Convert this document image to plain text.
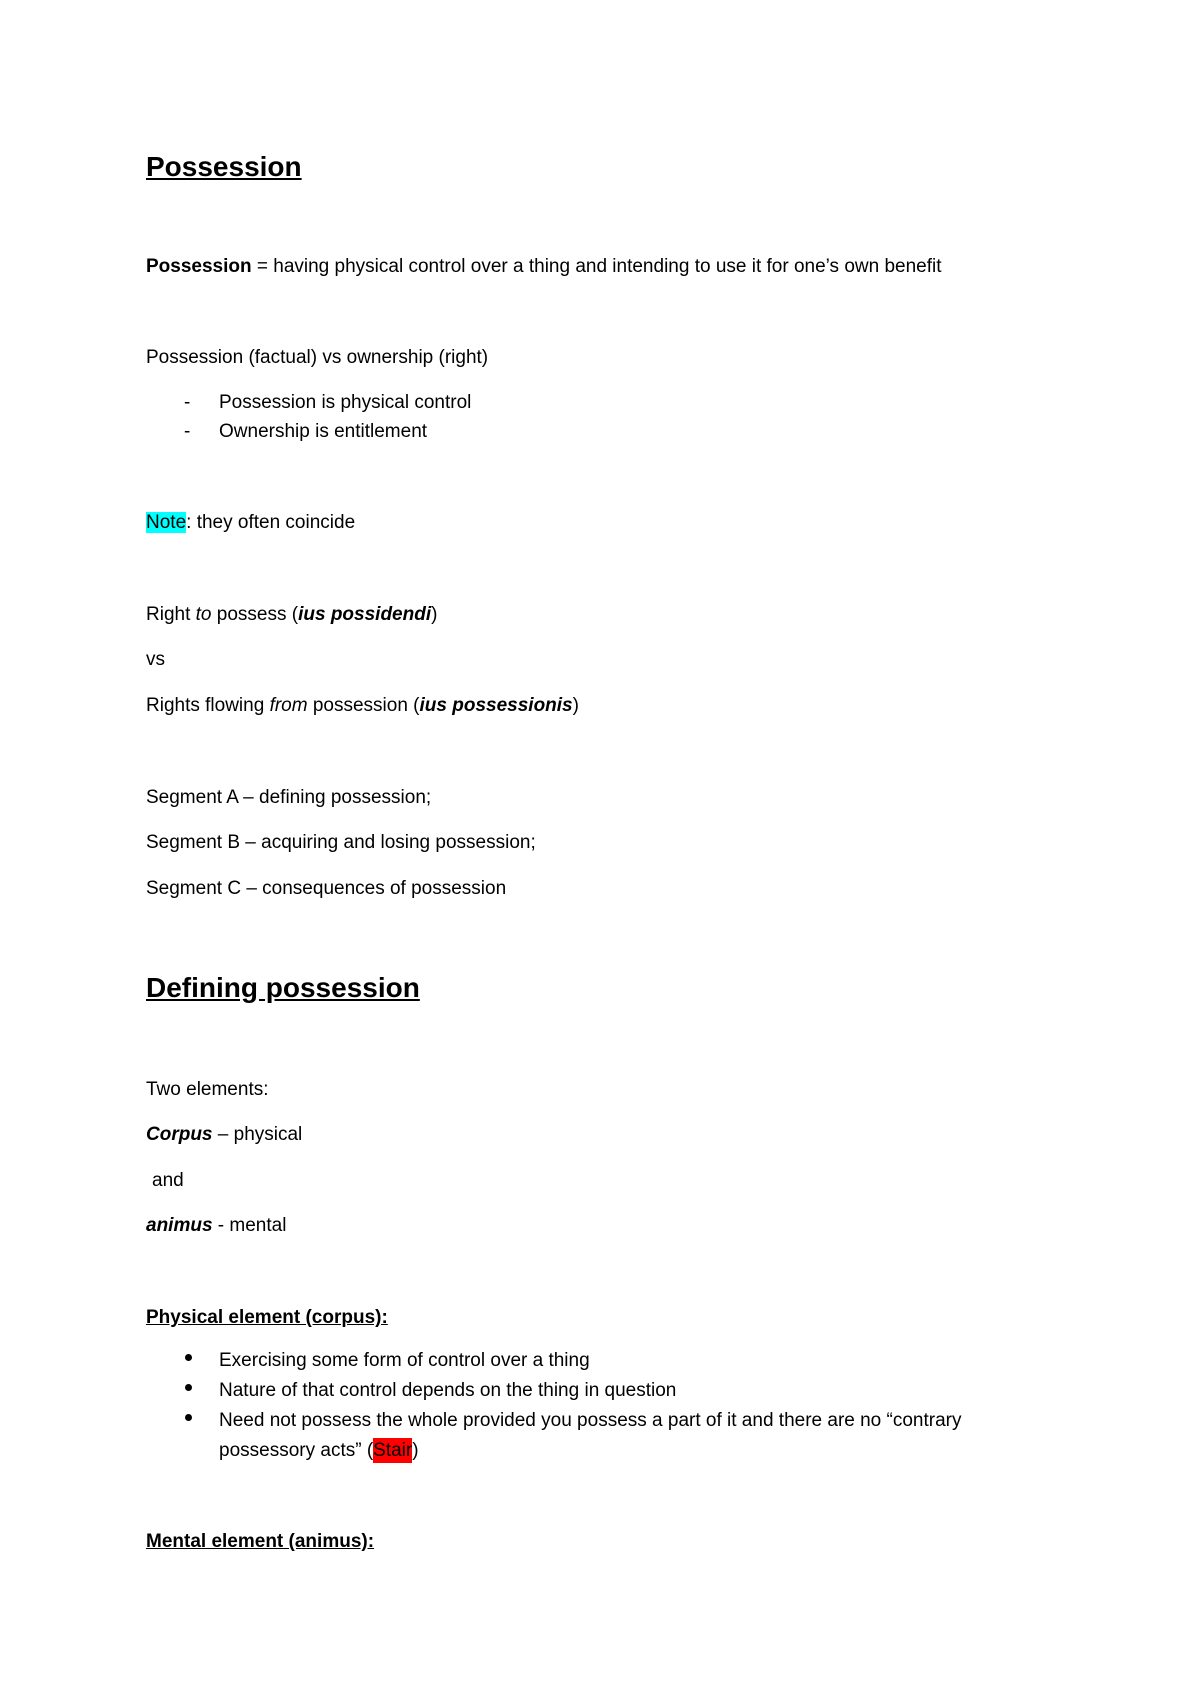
Possession
Possession = having physical control over a thing and intending to use it for one’s own benefit
Possession (factual) vs ownership (right)
- Possession is physical control
- Ownership is entitlement
Note: they often coincide
Right to possess (ius possidendi)
vs
Rights flowing from possession (ius possessionis)
Segment A – defining possession;
Segment B – acquiring and losing possession;
Segment C – consequences of possession
Defining possession
Two elements:
Corpus – physical
and
animus - mental
Physical element (corpus):
Exercising some form of control over a thing
Nature of that control depends on the thing in question
Need not possess the whole provided you possess a part of it and there are no “contrary
possessory acts” (Stair)
Mental element (animus):
